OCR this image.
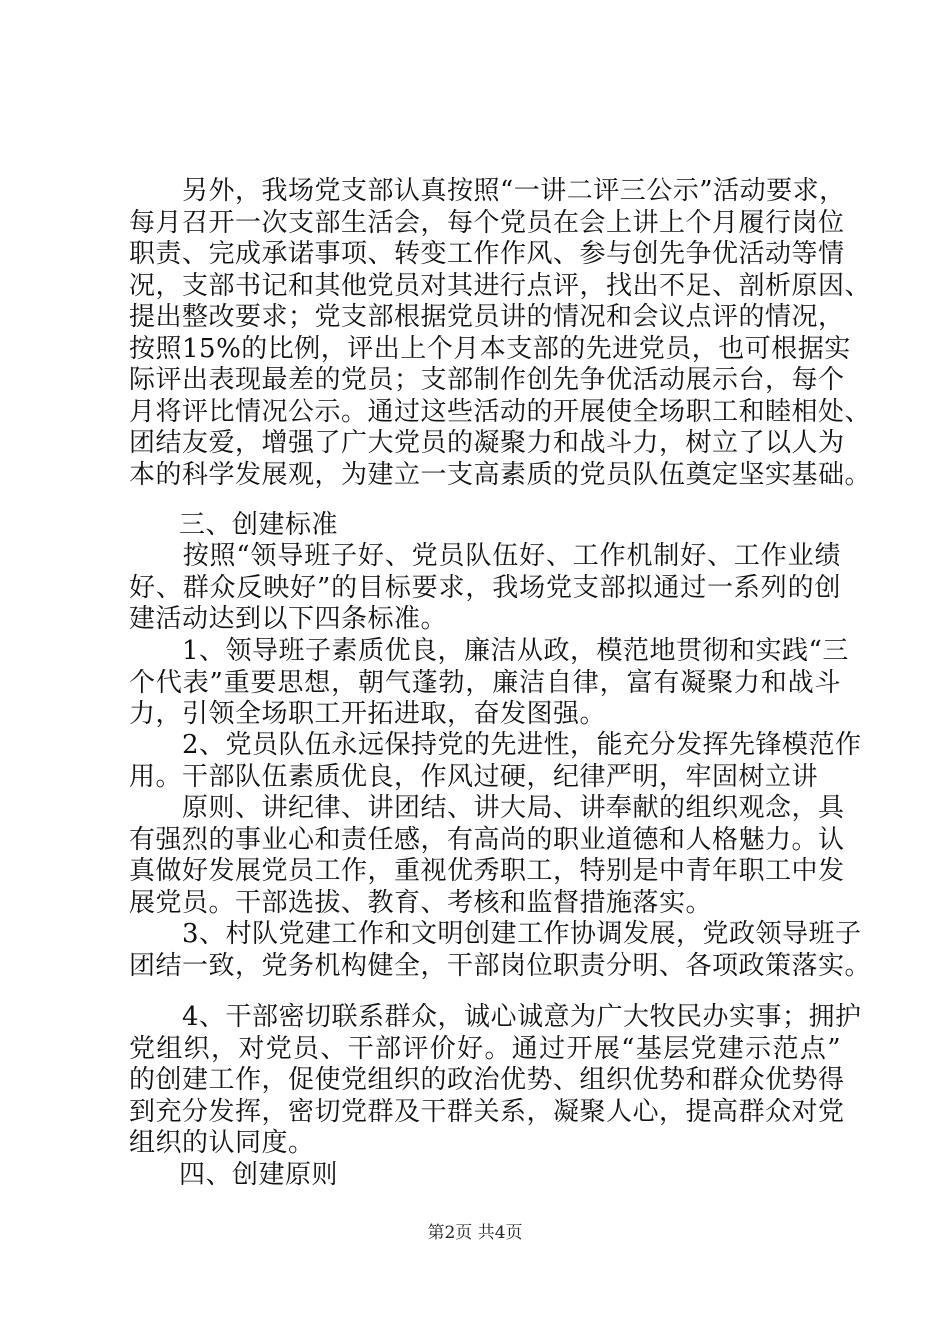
　　另外，我场党支部认真按照“一讲二评三公示”活动要求，
每月召开一次支部生活会，每个党员在会上讲上个月履行岗位
职责、完成承诺事项、转变工作作风、参与创先争优活动等情
况，支部书记和其他党员对其进行点评，找出不足、剖析原因、
提出整改要求；党支部根据党员讲的情况和会议点评的情况，
按照15%的比例，评出上个月本支部的先进党员，也可根据实
际评出表现最差的党员；支部制作创先争优活动展示台，每个
月将评比情况公示。通过这些活动的开展使全场职工和睦相处、
团结友爱，增强了广大党员的凝聚力和战斗力，树立了以人为
本的科学发展观，为建立一支高素质的党员队伍奠定坚实基础。
三、创建标准
　　按照“领导班子好、党员队伍好、工作机制好、工作业绩
好、群众反映好”的目标要求，我场党支部拟通过一系列的创
建活动达到以下四条标准。
　　1、领导班子素质优良，廉洁从政，模范地贯彻和实践“三
个代表”重要思想，朝气蓬勃，廉洁自律，富有凝聚力和战斗
力，引领全场职工开拓进取，奋发图强。
　　2、党员队伍永远保持党的先进性，能充分发挥先锋模范作
用。干部队伍素质优良，作风过硬，纪律严明，牢固树立讲
　　原则、讲纪律、讲团结、讲大局、讲奉献的组织观念，具
有强烈的事业心和责任感，有高尚的职业道德和人格魅力。认
真做好发展党员工作，重视优秀职工，特别是中青年职工中发
展党员。干部选拔、教育、考核和监督措施落实。
　　3、村队党建工作和文明创建工作协调发展，党政领导班子
团结一致，党务机构健全，干部岗位职责分明、各项政策落实。
　　4、干部密切联系群众，诚心诚意为广大牧民办实事；拥护
党组织，对党员、干部评价好。通过开展“基层党建示范点”
的创建工作，促使党组织的政治优势、组织优势和群众优势得
到充分发挥，密切党群及干群关系，凝聚人心，提高群众对党
组织的认同度。
四、创建原则
第2页 共4页
